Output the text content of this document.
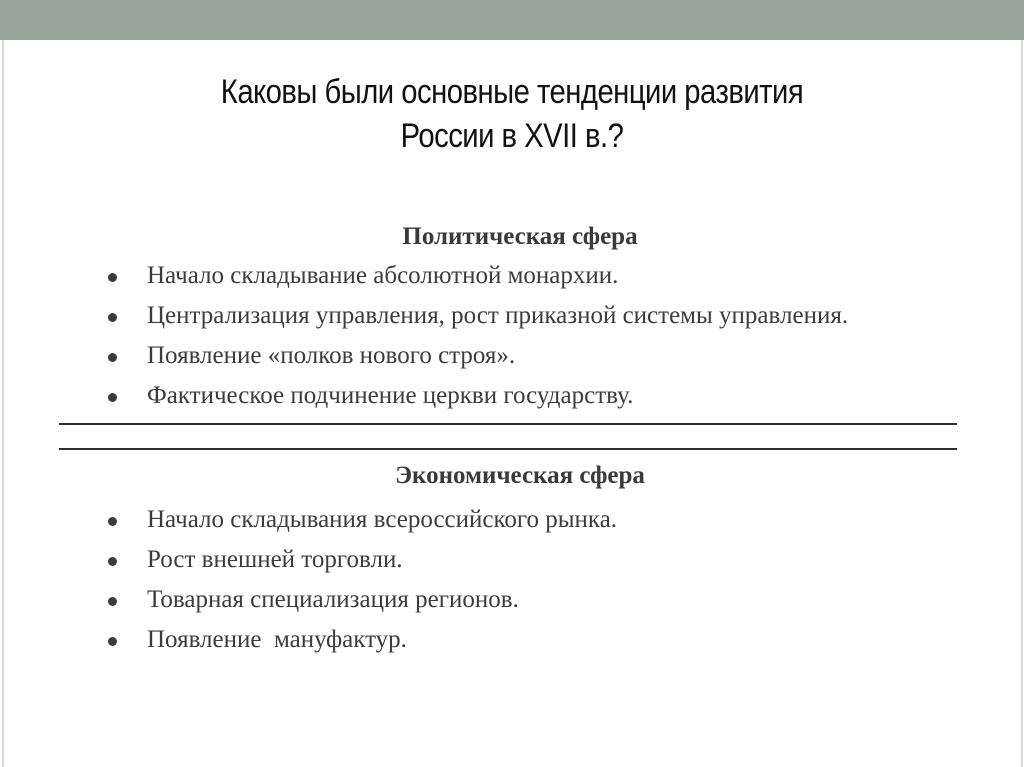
Каковы были основные тенденции развития
России в XVII в.?
Политическая сфера
Начало складывание абсолютной монархии.
Централизация управления, рост приказной системы управления.
Появление «полков нового строя».
Фактическое подчинение церкви государству.
Экономическая сфера
Начало складывания всероссийского рынка.
Рост внешней торговли.
Товарная специализация регионов.
Появление  мануфактур.
